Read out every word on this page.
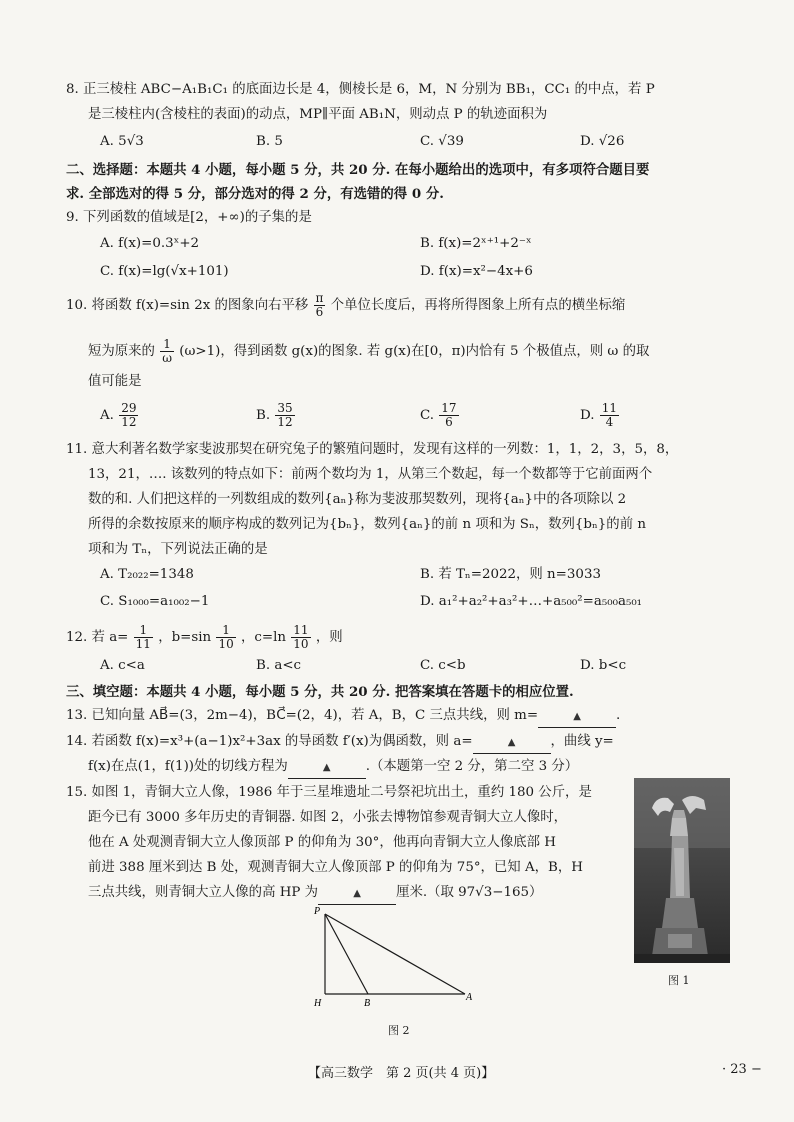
8. 正三棱柱 ABC−A₁B₁C₁ 的底面边长是 4，侧棱长是 6，M，N 分别为 BB₁，CC₁ 的中点，若 P
是三棱柱内(含棱柱的表面)的动点，MP∥平面 AB₁N，则动点 P 的轨迹面积为
A. 5√3	B. 5	C. √39	D. √26
二、选择题：本题共 4 小题，每小题 5 分，共 20 分. 在每小题给出的选项中，有多项符合题目要
求. 全部选对的得 5 分，部分选对的得 2 分，有选错的得 0 分.
9. 下列函数的值域是[2，+∞)的子集的是
A. f(x)=0.3ˣ+2	B. f(x)=2ˣ⁺¹+2⁻ˣ
C. f(x)=lg(√x+101)	D. f(x)=x²−4x+6
10. 将函数 f(x)=sin 2x 的图象向右平移 $\frac{\pi}{6}$ 个单位长度后，再将所得图象上所有点的横坐标缩
短为原来的 $\frac{1}{\omega} (\omega>1)$，得到函数 g(x)的图象. 若 g(x)在[0，π)内恰有 5 个极值点，则 ω 的取
值可能是
A. $\frac{29}{12}$	B. $\frac{35}{12}$	C. $\frac{17}{6}$	D. $\frac{11}{4}$
11. 意大利著名数学家斐波那契在研究兔子的繁殖问题时，发现有这样的一列数：1，1，2，3，5，8，
13，21，…. 该数列的特点如下：前两个数均为 1，从第三个数起，每一个数都等于它前面两个
数的和. 人们把这样的一列数组成的数列{aₙ}称为斐波那契数列，现将{aₙ}中的各项除以 2
所得的余数按原来的顺序构成的数列记为{bₙ}，数列{aₙ}的前 n 项和为 Sₙ，数列{bₙ}的前 n
项和为 Tₙ，下列说法正确的是
A. T₂₀₂₂=1348	B. 若 Tₙ=2022，则 n=3033
C. S₁₀₀₀=a₁₀₀₂−1	D. a₁²+a₂²+a₃²+…+a₅₀₀²=a₅₀₀a₅₀₁
12. 若 $a= \frac{1}{11}$ ，$b=\sin \frac{1}{10}$ ，$c=\ln \frac{11}{10}$ ，则
A. c<a	B. a<c	C. c<b	D. b<c
三、填空题：本题共 4 小题，每小题 5 分，共 20 分. 把答案填在答题卡的相应位置.
13. 已知向量 AB⃗=(3，2m−4)，BC⃗=(2，4)，若 A，B，C 三点共线，则 m=	▲	.
14. 若函数 f(x)=x³+(a−1)x²+3ax 的导函数 f′(x)为偶函数，则 a=	▲	，曲线 y=
f(x)在点(1，f(1))处的切线方程为	▲	.（本题第一空 2 分，第二空 3 分）
15. 如图 1，青铜大立人像，1986 年于三星堆遗址二号祭祀坑出土，重约 180 公斤，是
距今已有 3000 多年历史的青铜器. 如图 2，小张去博物馆参观青铜大立人像时，
他在 A 处观测青铜大立人像顶部 P 的仰角为 30°，他再向青铜大立人像底部 H
前进 388 厘米到达 B 处，观测青铜大立人像顶部 P 的仰角为 75°，已知 A，B，H
三点共线，则青铜大立人像的高 HP 为	▲	厘米.（取 97√3−165）
图 1
P
H	B
A
图 2
【高三数学　第 2 页(共 4 页)】	· 23 −
